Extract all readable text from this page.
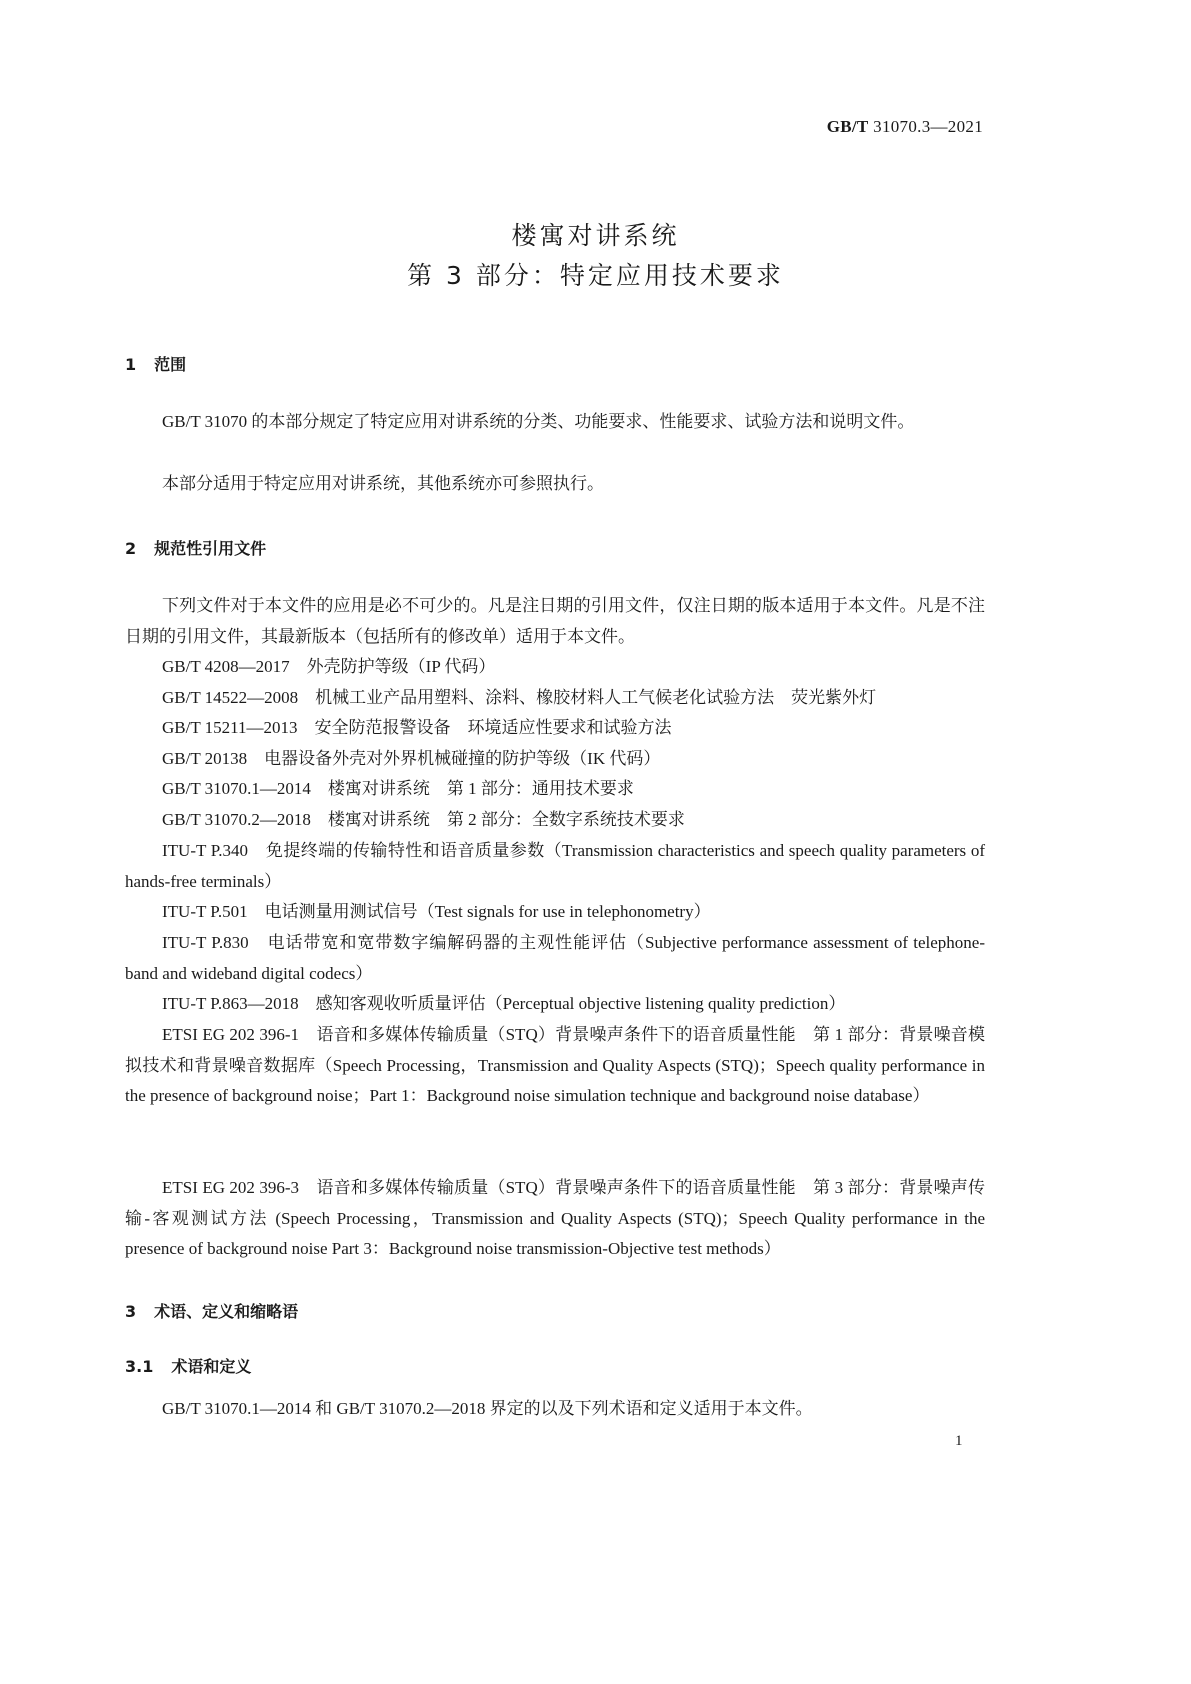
GB/T 31070.3—2021
楼寓对讲系统
第 3 部分：特定应用技术要求
1 范围
GB/T 31070 的本部分规定了特定应用对讲系统的分类、功能要求、性能要求、试验方法和说明文件。
本部分适用于特定应用对讲系统，其他系统亦可参照执行。
2 规范性引用文件
下列文件对于本文件的应用是必不可少的。凡是注日期的引用文件，仅注日期的版本适用于本文件。凡是不注日期的引用文件，其最新版本（包括所有的修改单）适用于本文件。
GB/T 4208—2017　 外壳防护等级（IP 代码）
GB/T 14522—2008　 机械工业产品用塑料、涂料、橡胶材料人工气候老化试验方法　荧光紫外灯
GB/T 15211—2013　 安全防范报警设备　环境适应性要求和试验方法
GB/T 20138　 电器设备外壳对外界机械碰撞的防护等级（IK 代码）
GB/T 31070.1—2014　 楼寓对讲系统　第 1 部分：通用技术要求
GB/T 31070.2—2018　 楼寓对讲系统　第 2 部分：全数字系统技术要求
ITU-T P.340　 免提终端的传输特性和语音质量参数（Transmission characteristics and speech quality parameters of hands-free terminals）
ITU-T P.501　 电话测量用测试信号（Test signals for use in telephonometry）
ITU-T P.830　 电话带宽和宽带数字编解码器的主观性能评估（Subjective performance assessment of telephone-band and wideband digital codecs）
ITU-T P.863—2018　 感知客观收听质量评估（Perceptual objective listening quality prediction）
ETSI EG 202 396-1　 语音和多媒体传输质量（STQ）背景噪声条件下的语音质量性能　第 1 部分：背景噪音模拟技术和背景噪音数据库（Speech Processing，Transmission and Quality Aspects (STQ)；Speech quality performance in the presence of background noise；Part 1：Background noise simulation technique and background noise database）
ETSI EG 202 396-3　 语音和多媒体传输质量（STQ）背景噪声条件下的语音质量性能　第 3 部分：背景噪声传输-客观测试方法 (Speech Processing，Transmission and Quality Aspects (STQ)；Speech Quality performance in the presence of background noise Part 3：Background noise transmission-Objective test methods）
3 术语、定义和缩略语
3.1 术语和定义
GB/T 31070.1—2014 和 GB/T 31070.2—2018 界定的以及下列术语和定义适用于本文件。
1
